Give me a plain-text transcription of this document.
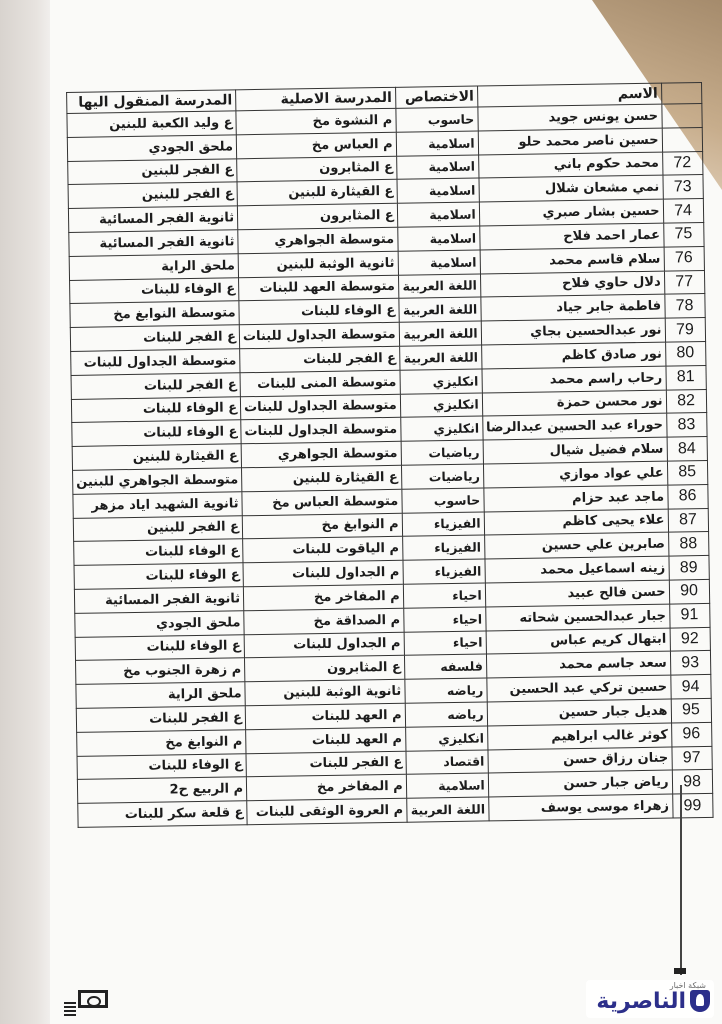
	الاسم	الاختصاص	المدرسة الاصلية	المدرسة المنقول اليها
	حسن يونس جويد	حاسوب	م النشوة مخ	ع وليد الكعبة للبنين
	حسين ناصر محمد حلو	اسلامية	م العباس مخ	ملحق الجودي
72	محمد حكوم باني	اسلامية	ع المثابرون	ع الفجر للبنين
73	نمي مشعان شلال	اسلامية	ع القيثارة للبنين	ع الفجر للبنين
74	حسين بشار صبري	اسلامية	ع المثابرون	ثانوية الفجر المسائية
75	عمار احمد فلاح	اسلامية	متوسطة الجواهري	ثانوية الفجر المسائية
76	سلام قاسم محمد	اسلامية	ثانوية الوثبة للبنين	ملحق الراية
77	دلال حاوي فلاح	اللغة العربية	متوسطة العهد للبنات	ع الوفاء للبنات
78	فاطمة جابر جياد	اللغة العربية	ع الوفاء للبنات	متوسطة النوابغ مخ
79	نور عبدالحسين بجاي	اللغة العربية	متوسطة الجداول للبنات	ع الفجر للبنات
80	نور صادق كاظم	اللغة العربية	ع الفجر للبنات	متوسطة الجداول للبنات
81	رحاب راسم محمد	انكليزي	متوسطة المنى للبنات	ع الفجر للبنات
82	نور محسن حمزة	انكليزي	متوسطة الجداول للبنات	ع الوفاء للبنات
83	حوراء عبد الحسين عبدالرضا	انكليزي	متوسطة الجداول للبنات	ع الوفاء للبنات
84	سلام فضيل شيال	رياضيات	متوسطة الجواهري	ع القيثارة للبنين
85	علي عواد موازي	رياضيات	ع القيثارة للبنين	متوسطة الجواهري للبنين
86	ماجد عبد حزام	حاسوب	متوسطة العباس مخ	ثانوية الشهيد اياد مزهر
87	علاء يحيى كاظم	الفيزياء	م النوابغ مخ	ع الفجر للبنين
88	صابرين علي حسين	الفيزياء	م الياقوت للبنات	ع الوفاء للبنات
89	زينه اسماعيل محمد	الفيزياء	م الجداول للبنات	ع الوفاء للبنات
90	حسن فالح عبيد	احياء	م المفاخر مخ	ثانوية الفجر المسائية
91	جبار عبدالحسين شحاته	احياء	م الصداقة مخ	ملحق الجودي
92	ابتهال كريم عباس	احياء	م الجداول للبنات	ع الوفاء للبنات
93	سعد جاسم محمد	فلسفه	ع المثابرون	م زهرة الجنوب مخ
94	حسين تركي عبد الحسين	رياضه	ثانوية الوثبة للبنين	ملحق الراية
95	هديل جبار حسين	رياضه	م العهد للبنات	ع الفجر للبنات
96	كوثر غالب ابراهيم	انكليزي	م العهد للبنات	م النوابغ مخ
97	جنان رزاق حسن	اقتصاد	ع الفجر للبنات	ع الوفاء للبنات
98	رياض جبار حسن	اسلامية	م المفاخر مخ	م الربيع ح2
99	زهراء موسى يوسف	اللغة العربية	م العروة الوثقى للبنات	ع قلعة سكر للبنات
شبكة اخبار
الناصرية
